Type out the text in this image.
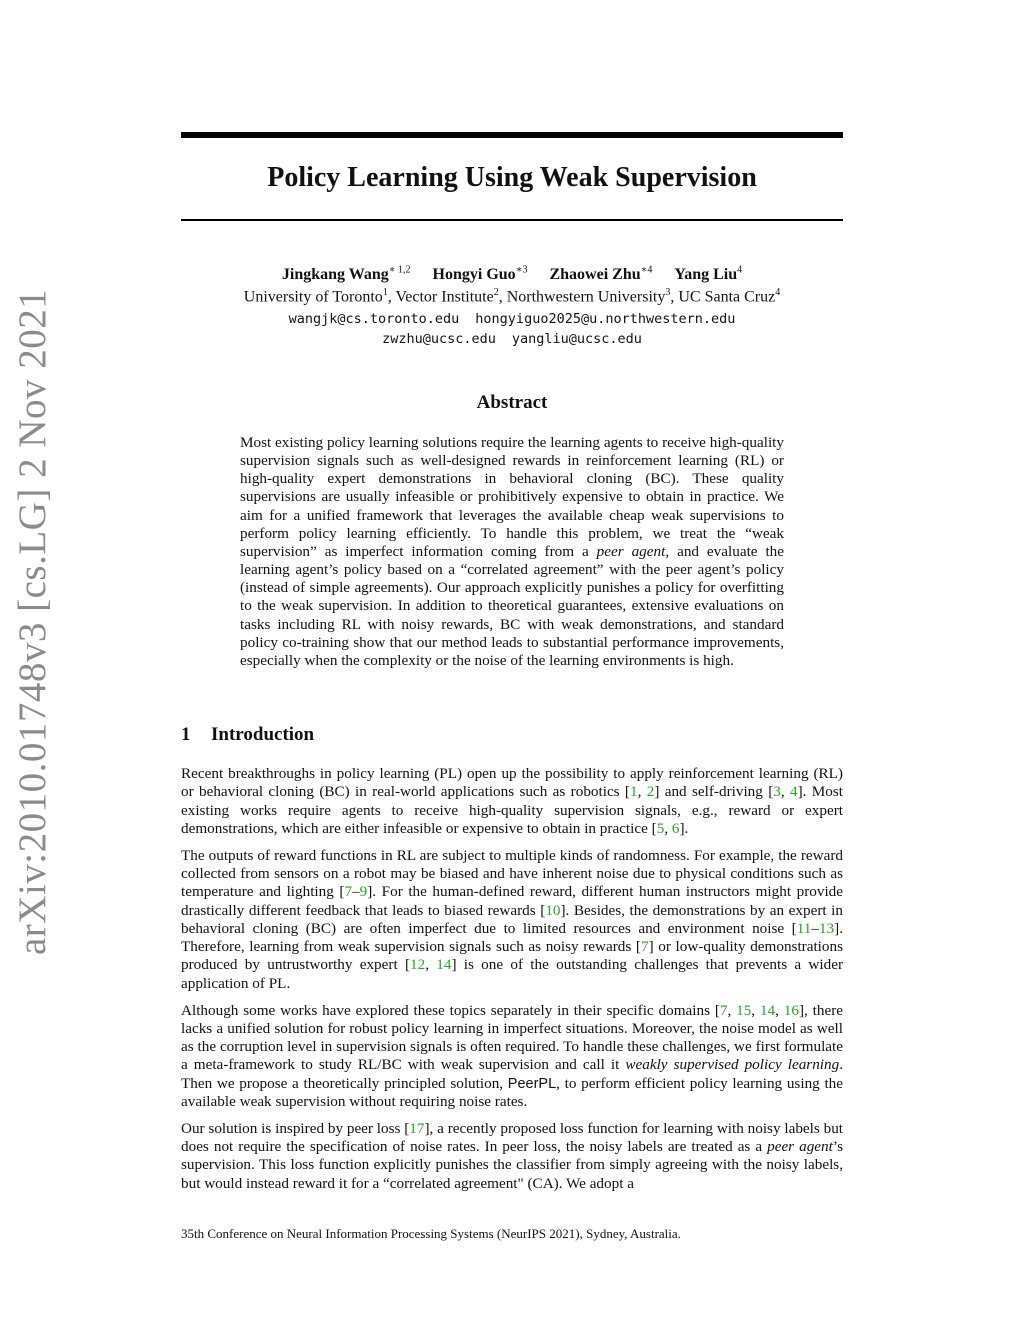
arXiv:2010.01748v3 [cs.LG] 2 Nov 2021
Policy Learning Using Weak Supervision
Jingkang Wang$^{∗ 1,2}$ Hongyi Guo$^{∗3}$ Zhaowei Zhu$^{∗4}$ Yang Liu$^4$
University of Toronto$^1$, Vector Institute$^2$, Northwestern University$^3$, UC Santa Cruz$^4$
wangjk@cs.toronto.edu hongyiguo2025@u.northwestern.edu
zwzhu@ucsc.edu yangliu@ucsc.edu
Abstract
Most existing policy learning solutions require the learning agents to receive high-quality supervision signals such as well-designed rewards in reinforcement learning (RL) or high-quality expert demonstrations in behavioral cloning (BC). These quality supervisions are usually infeasible or prohibitively expensive to obtain in practice. We aim for a unified framework that leverages the available cheap weak supervisions to perform policy learning efficiently. To handle this problem, we treat the “weak supervision” as imperfect information coming from a peer agent, and evaluate the learning agent’s policy based on a “correlated agreement” with the peer agent’s policy (instead of simple agreements). Our approach explicitly punishes a policy for overfitting to the weak supervision. In addition to theoretical guarantees, extensive evaluations on tasks including RL with noisy rewards, BC with weak demonstrations, and standard policy co-training show that our method leads to substantial performance improvements, especially when the complexity or the noise of the learning environments is high.
1 Introduction

Recent breakthroughs in policy learning (PL) open up the possibility to apply reinforcement learning (RL) or behavioral cloning (BC) in real-world applications such as robotics [1, 2] and self-driving [3, 4]. Most existing works require agents to receive high-quality supervision signals, e.g., reward or expert demonstrations, which are either infeasible or expensive to obtain in practice [5, 6].

The outputs of reward functions in RL are subject to multiple kinds of randomness. For example, the reward collected from sensors on a robot may be biased and have inherent noise due to physical conditions such as temperature and lighting [7–9]. For the human-defined reward, different human instructors might provide drastically different feedback that leads to biased rewards [10]. Besides, the demonstrations by an expert in behavioral cloning (BC) are often imperfect due to limited resources and environment noise [11–13]. Therefore, learning from weak supervision signals such as noisy rewards [7] or low-quality demonstrations produced by untrustworthy expert [12, 14] is one of the outstanding challenges that prevents a wider application of PL.

Although some works have explored these topics separately in their specific domains [7, 15, 14, 16], there lacks a unified solution for robust policy learning in imperfect situations. Moreover, the noise model as well as the corruption level in supervision signals is often required. To handle these challenges, we first formulate a meta-framework to study RL/BC with weak supervision and call it weakly supervised policy learning. Then we propose a theoretically principled solution, PeerPL, to perform efficient policy learning using the available weak supervision without requiring noise rates.

Our solution is inspired by peer loss [17], a recently proposed loss function for learning with noisy labels but does not require the specification of noise rates. In peer loss, the noisy labels are treated as a peer agent’s supervision. This loss function explicitly punishes the classifier from simply agreeing with the noisy labels, but would instead reward it for a “correlated agreement" (CA). We adopt a

35th Conference on Neural Information Processing Systems (NeurIPS 2021), Sydney, Australia.
